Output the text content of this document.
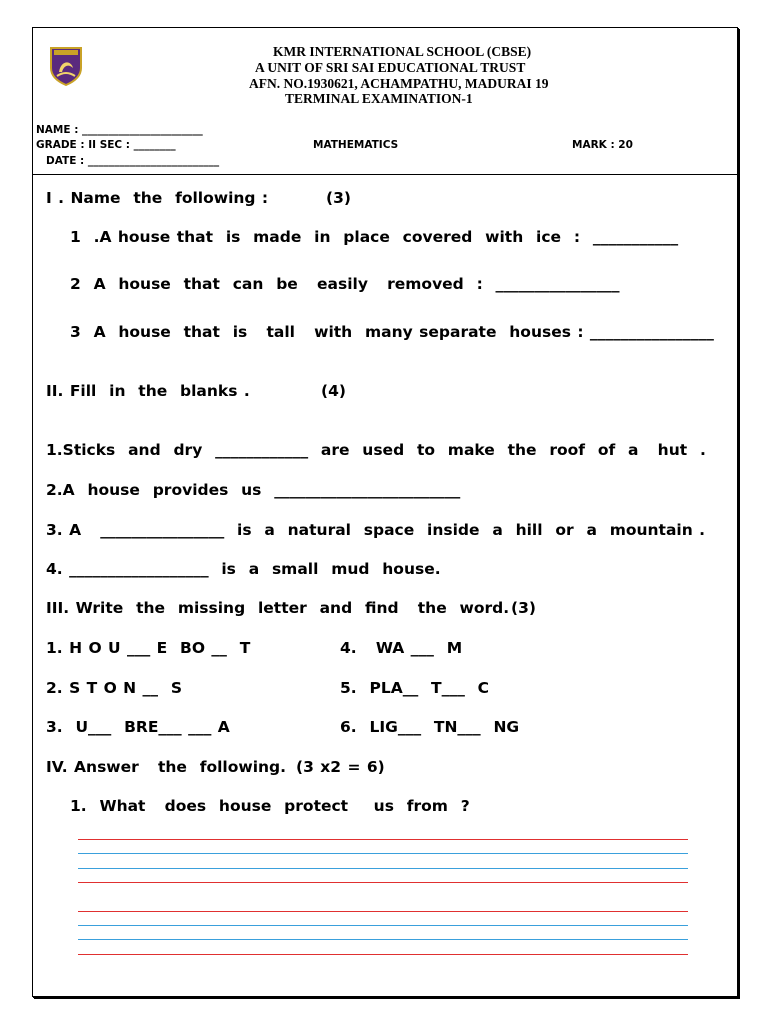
KMR INTERNATIONAL SCHOOL (CBSE)
A UNIT OF SRI SAI EDUCATIONAL TRUST
AFN. NO.1930621, ACHAMPATHU, MADURAI 19
TERMINAL EXAMINATION-1
NAME : _______________________
GRADE : II SEC : ________	MATHEMATICS	MARK : 20
DATE : _________________________
I . Name  the  following :	(3)
1  .A house that  is  made  in  place  covered  with  ice  :  ___________
2  A  house  that  can  be   easily   removed  :  ________________
3  A  house  that  is   tall   with  many separate  houses : ________________
II. Fill  in  the  blanks .	(4)
1.Sticks  and  dry  ____________  are  used  to  make  the  roof  of  a   hut  .
2.A  house  provides  us  ________________________
3. A   ________________  is  a  natural  space  inside  a  hill  or  a  mountain .
4. __________________  is  a  small  mud  house.
III. Write  the  missing  letter  and  find   the  word. (3)
1. H O U ___ E  BO __  T
2. S T O N __  S
3.  U___  BRE___ ___ A
4.   WA ___  M
5.  PLA__  T___  C
6.  LIG___  TN___  NG
IV. Answer   the  following. (3 x2 = 6)
1.  What   does  house  protect    us  from  ?
